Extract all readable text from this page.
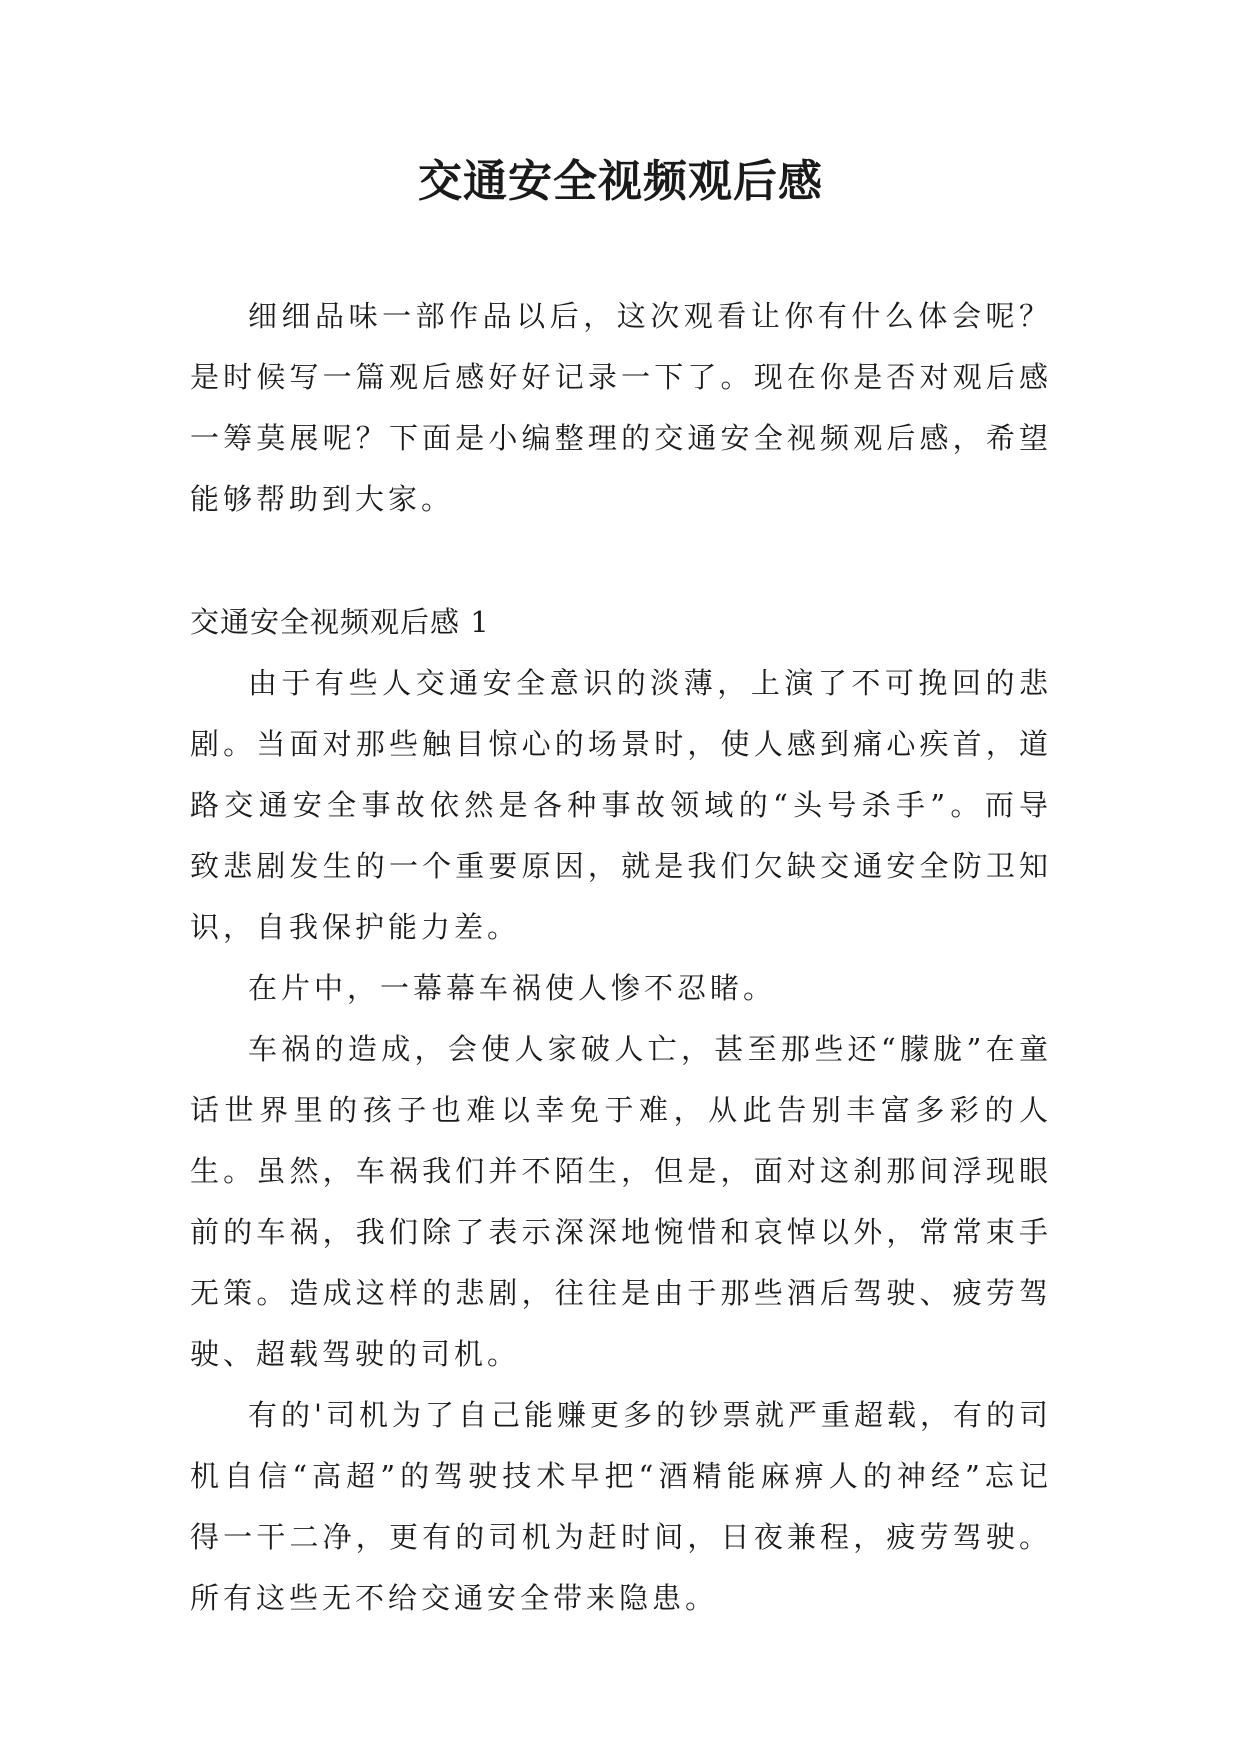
交通安全视频观后感

细细品味一部作品以后，这次观看让你有什么体会呢？是时候写一篇观后感好好记录一下了。现在你是否对观后感一筹莫展呢？下面是小编整理的交通安全视频观后感，希望能够帮助到大家。

交通安全视频观后感 1

由于有些人交通安全意识的淡薄，上演了不可挽回的悲剧。当面对那些触目惊心的场景时，使人感到痛心疾首，道路交通安全事故依然是各种事故领域的“头号杀手”。而导致悲剧发生的一个重要原因，就是我们欠缺交通安全防卫知识，自我保护能力差。

在片中，一幕幕车祸使人惨不忍睹。

车祸的造成，会使人家破人亡，甚至那些还“朦胧”在童话世界里的孩子也难以幸免于难，从此告别丰富多彩的人生。虽然，车祸我们并不陌生，但是，面对这刹那间浮现眼前的车祸，我们除了表示深深地惋惜和哀悼以外，常常束手无策。造成这样的悲剧，往往是由于那些酒后驾驶、疲劳驾驶、超载驾驶的司机。

有的'司机为了自己能赚更多的钞票就严重超载，有的司机自信“高超”的驾驶技术早把“酒精能麻痹人的神经”忘记得一干二净，更有的司机为赶时间，日夜兼程，疲劳驾驶。所有这些无不给交通安全带来隐患。
